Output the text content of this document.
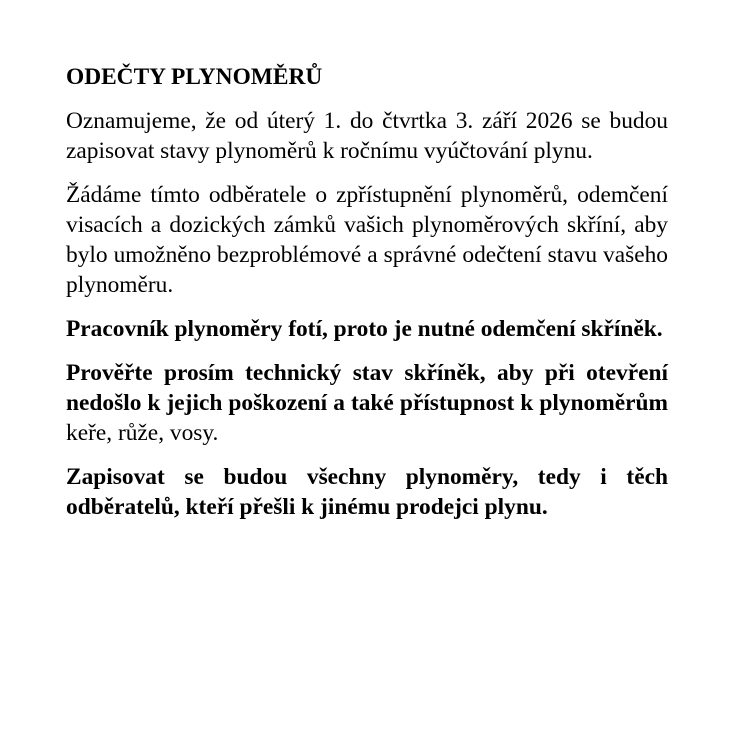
ODEČTY PLYNOMĚRŮ

Oznamujeme, že od úterý 1. do čtvrtka 3. září 2026 se budou zapisovat stavy plynoměrů k ročnímu vyúčtování plynu.

Žádáme tímto odběratele o zpřístupnění plynoměrů, odemčení visacích a dozických zámků vašich plynoměrových skříní, aby bylo umožněno bezproblémové a správné odečtení stavu vašeho plynoměru.

Pracovník plynoměry fotí, proto je nutné odemčení skříněk.

Prověřte prosím technický stav skříněk, aby při otevření nedošlo k jejich poškození a také přístupnost k plynoměrům keře, růže, vosy.

Zapisovat se budou všechny plynoměry, tedy i těch odběratelů, kteří přešli k jinému prodejci plynu.
